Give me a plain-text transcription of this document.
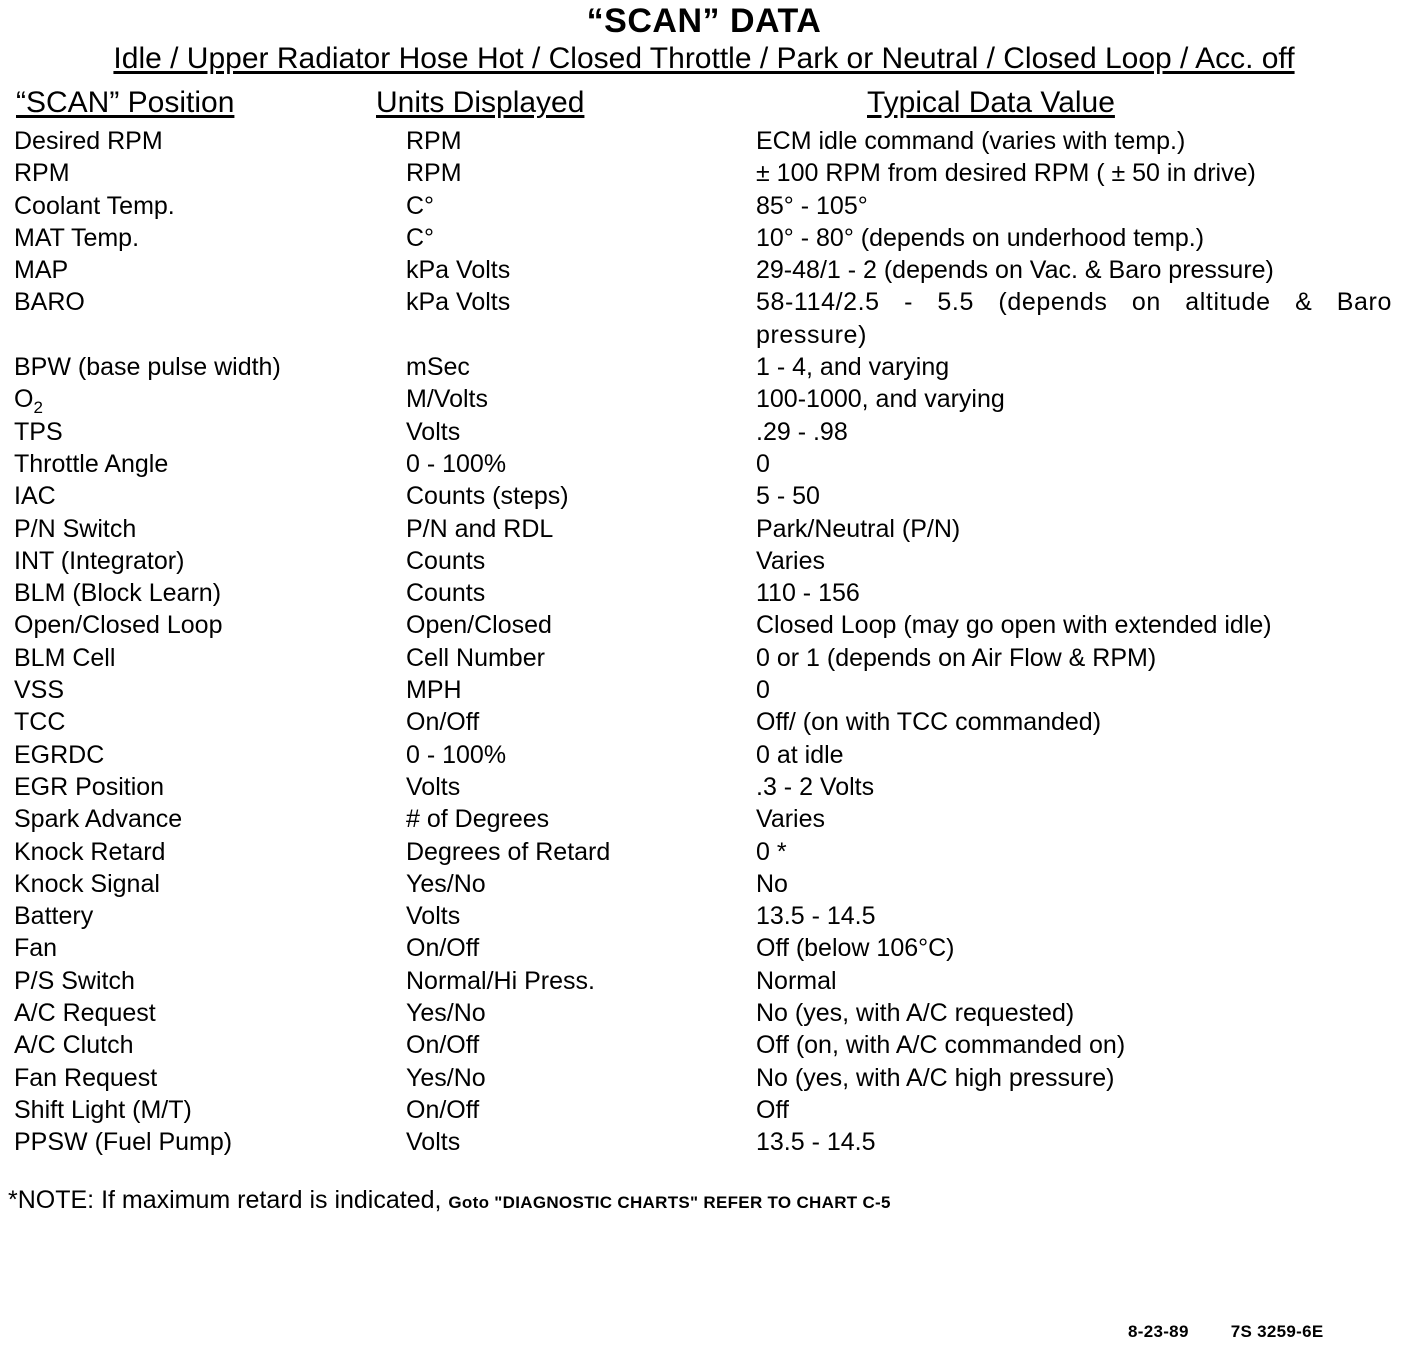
“SCAN” DATA
Idle / Upper Radiator Hose Hot / Closed Throttle / Park or Neutral / Closed Loop / Acc. off
“SCAN” Position	Units Displayed	Typical Data Value
Desired RPM	RPM	ECM idle command (varies with temp.)
RPM	RPM	± 100 RPM from desired RPM ( ± 50 in drive)
Coolant Temp.	C°	85° - 105°
MAT Temp.	C°	10° - 80° (depends on underhood temp.)
MAP	kPa Volts	29-48/1 - 2 (depends on Vac. & Baro pressure)
BARO	kPa Volts	58-114/2.5 - 5.5 (depends on altitude & Baro pressure)
BPW (base pulse width)	mSec	1 - 4, and varying
$O_2$	M/Volts	100-1000, and varying
TPS	Volts	.29 - .98
Throttle Angle	0 - 100%	0
IAC	Counts (steps)	5 - 50
P/N Switch	P/N and RDL	Park/Neutral (P/N)
INT (Integrator)	Counts	Varies
BLM (Block Learn)	Counts	110 - 156
Open/Closed Loop	Open/Closed	Closed Loop (may go open with extended idle)
BLM Cell	Cell Number	0 or 1 (depends on Air Flow & RPM)
VSS	MPH	0
TCC	On/Off	Off/ (on with TCC commanded)
EGRDC	0 - 100%	0 at idle
EGR Position	Volts	.3 - 2 Volts
Spark Advance	# of Degrees	Varies
Knock Retard	Degrees of Retard	0 *
Knock Signal	Yes/No	No
Battery	Volts	13.5 - 14.5
Fan	On/Off	Off (below 106°C)
P/S Switch	Normal/Hi Press.	Normal
A/C Request	Yes/No	No (yes, with A/C requested)
A/C Clutch	On/Off	Off (on, with A/C commanded on)
Fan Request	Yes/No	No (yes, with A/C high pressure)
Shift Light (M/T)	On/Off	Off
PPSW (Fuel Pump)	Volts	13.5 - 14.5
*NOTE: If maximum retard is indicated, Goto "DIAGNOSTIC CHARTS" REFER TO CHART C-5
8-23-89 7S 3259-6E
